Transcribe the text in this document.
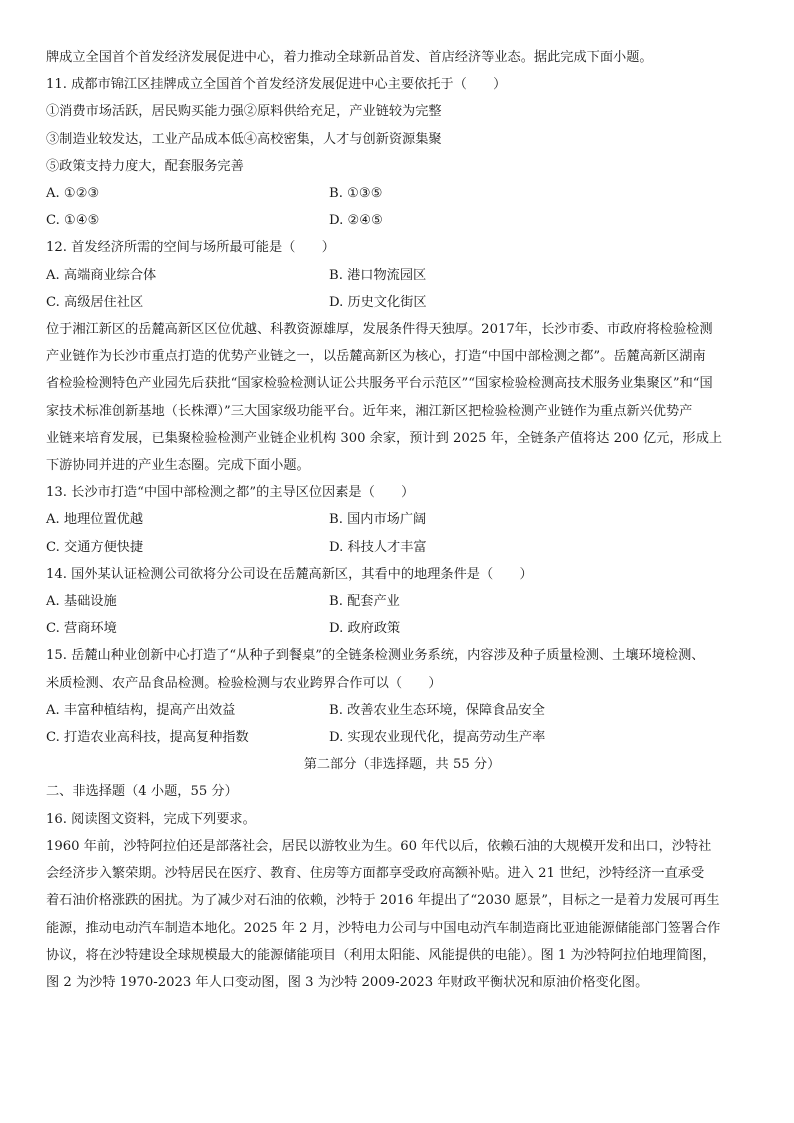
牌成立全国首个首发经济发展促进中心，着力推动全球新品首发、首店经济等业态。据此完成下面小题。
11. 成都市锦江区挂牌成立全国首个首发经济发展促进中心主要依托于（　　）
①消费市场活跃，居民购买能力强②原料供给充足，产业链较为完整
③制造业较发达，工业产品成本低④高校密集，人才与创新资源集聚
⑤政策支持力度大，配套服务完善
A. ①②③	B. ①③⑤
C. ①④⑤	D. ②④⑤
12. 首发经济所需的空间与场所最可能是（　　）
A. 高端商业综合体	B. 港口物流园区
C. 高级居住社区	D. 历史文化街区
位于湘江新区的岳麓高新区区位优越、科教资源雄厚，发展条件得天独厚。2017年，长沙市委、市政府将检验检测
产业链作为长沙市重点打造的优势产业链之一，以岳麓高新区为核心，打造“中国中部检测之都”。岳麓高新区湖南
省检验检测特色产业园先后获批“国家检验检测认证公共服务平台示范区”“国家检验检测高技术服务业集聚区”和“国
家技术标准创新基地（长株潭）”三大国家级功能平台。近年来，湘江新区把检验检测产业链作为重点新兴优势产
业链来培育发展，已集聚检验检测产业链企业机构 300 余家，预计到 2025 年，全链条产值将达 200 亿元，形成上
下游协同并进的产业生态圈。完成下面小题。
13. 长沙市打造“中国中部检测之都”的主导区位因素是（　　）
A. 地理位置优越	B. 国内市场广阔
C. 交通方便快捷	D. 科技人才丰富
14. 国外某认证检测公司欲将分公司设在岳麓高新区，其看中的地理条件是（　　）
A. 基础设施	B. 配套产业
C. 营商环境	D. 政府政策
15. 岳麓山种业创新中心打造了“从种子到餐桌”的全链条检测业务系统，内容涉及种子质量检测、土壤环境检测、
米质检测、农产品食品检测。检验检测与农业跨界合作可以（　　）
A. 丰富种植结构，提高产出效益	B. 改善农业生态环境，保障食品安全
C. 打造农业高科技，提高复种指数	D. 实现农业现代化，提高劳动生产率
第二部分（非选择题，共 55 分）
二、非选择题（4 小题，55 分）
16. 阅读图文资料，完成下列要求。
1960 年前，沙特阿拉伯还是部落社会，居民以游牧业为生。60 年代以后，依赖石油的大规模开发和出口，沙特社
会经济步入繁荣期。沙特居民在医疗、教育、住房等方面都享受政府高额补贴。进入 21 世纪，沙特经济一直承受
着石油价格涨跌的困扰。为了减少对石油的依赖，沙特于 2016 年提出了“2030 愿景”，目标之一是着力发展可再生
能源，推动电动汽车制造本地化。2025 年 2 月，沙特电力公司与中国电动汽车制造商比亚迪能源储能部门签署合作
协议，将在沙特建设全球规模最大的能源储能项目（利用太阳能、风能提供的电能）。图 1 为沙特阿拉伯地理简图，
图 2 为沙特 1970-2023 年人口变动图，图 3 为沙特 2009-2023 年财政平衡状况和原油价格变化图。
